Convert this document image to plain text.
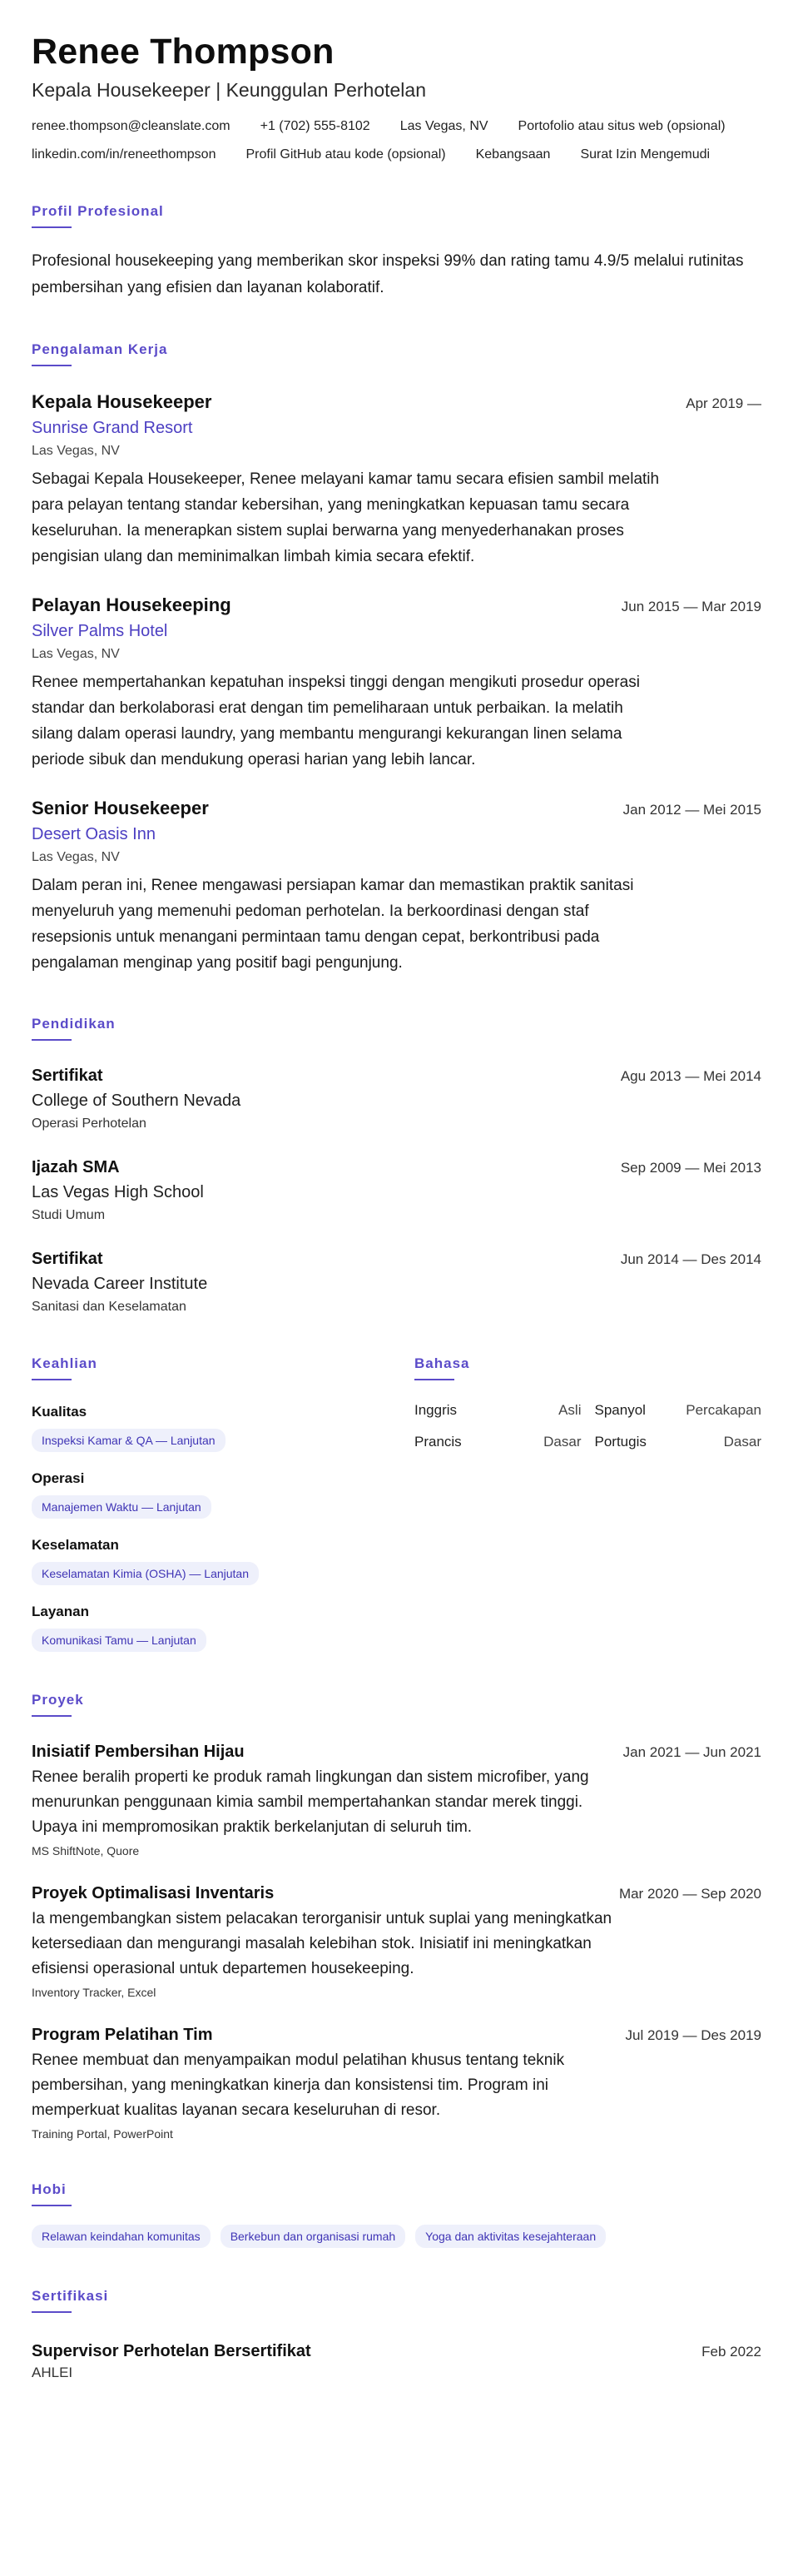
Renee Thompson
Kepala Housekeeper | Keunggulan Perhotelan
renee.thompson@cleanslate.com +1 (702) 555-8102 Las Vegas, NV Portofolio atau situs web (opsional)
linkedin.com/in/reneethompson Profil GitHub atau kode (opsional) Kebangsaan Surat Izin Mengemudi
Profil Profesional

Profesional housekeeping yang memberikan skor inspeksi 99% dan rating tamu 4.9/5 melalui rutinitas pembersihan yang efisien dan layanan kolaboratif.

Pengalaman Kerja
Kepala Housekeeper	Apr 2019 —
Sunrise Grand Resort
Las Vegas, NV

Sebagai Kepala Housekeeper, Renee melayani kamar tamu secara efisien sambil melatih para pelayan tentang standar kebersihan, yang meningkatkan kepuasan tamu secara keseluruhan. Ia menerapkan sistem suplai berwarna yang menyederhanakan proses pengisian ulang dan meminimalkan limbah kimia secara efektif.

Pelayan Housekeeping	Jun 2015 — Mar 2019
Silver Palms Hotel
Las Vegas, NV

Renee mempertahankan kepatuhan inspeksi tinggi dengan mengikuti prosedur operasi standar dan berkolaborasi erat dengan tim pemeliharaan untuk perbaikan. Ia melatih silang dalam operasi laundry, yang membantu mengurangi kekurangan linen selama periode sibuk dan mendukung operasi harian yang lebih lancar.

Senior Housekeeper	Jan 2012 — Mei 2015
Desert Oasis Inn
Las Vegas, NV

Dalam peran ini, Renee mengawasi persiapan kamar dan memastikan praktik sanitasi menyeluruh yang memenuhi pedoman perhotelan. Ia berkoordinasi dengan staf resepsionis untuk menangani permintaan tamu dengan cepat, berkontribusi pada pengalaman menginap yang positif bagi pengunjung.

Pendidikan
Sertifikat	Agu 2013 — Mei 2014
College of Southern Nevada
Operasi Perhotelan
Ijazah SMA	Sep 2009 — Mei 2013
Las Vegas High School
Studi Umum
Sertifikat	Jun 2014 — Des 2014
Nevada Career Institute
Sanitasi dan Keselamatan
Keahlian
Kualitas
Inspeksi Kamar & QA — Lanjutan
Operasi
Manajemen Waktu — Lanjutan
Keselamatan
Keselamatan Kimia (OSHA) — Lanjutan
Layanan
Komunikasi Tamu — Lanjutan
Bahasa
Inggris	Asli Spanyol	Percakapan
Prancis	Dasar Portugis	Dasar
Proyek
Inisiatif Pembersihan Hijau	Jan 2021 — Jun 2021

Renee beralih properti ke produk ramah lingkungan dan sistem microfiber, yang menurunkan penggunaan kimia sambil mempertahankan standar merek tinggi. Upaya ini mempromosikan praktik berkelanjutan di seluruh tim.

MS ShiftNote, Quore
Proyek Optimalisasi Inventaris	Mar 2020 — Sep 2020

Ia mengembangkan sistem pelacakan terorganisir untuk suplai yang meningkatkan ketersediaan dan mengurangi masalah kelebihan stok. Inisiatif ini meningkatkan efisiensi operasional untuk departemen housekeeping.

Inventory Tracker, Excel
Program Pelatihan Tim	Jul 2019 — Des 2019

Renee membuat dan menyampaikan modul pelatihan khusus tentang teknik pembersihan, yang meningkatkan kinerja dan konsistensi tim. Program ini memperkuat kualitas layanan secara keseluruhan di resor.

Training Portal, PowerPoint
Hobi
Relawan keindahan komunitas	Berkebun dan organisasi rumah	Yoga dan aktivitas kesejahteraan
Sertifikasi
Supervisor Perhotelan Bersertifikat	Feb 2022
AHLEI
